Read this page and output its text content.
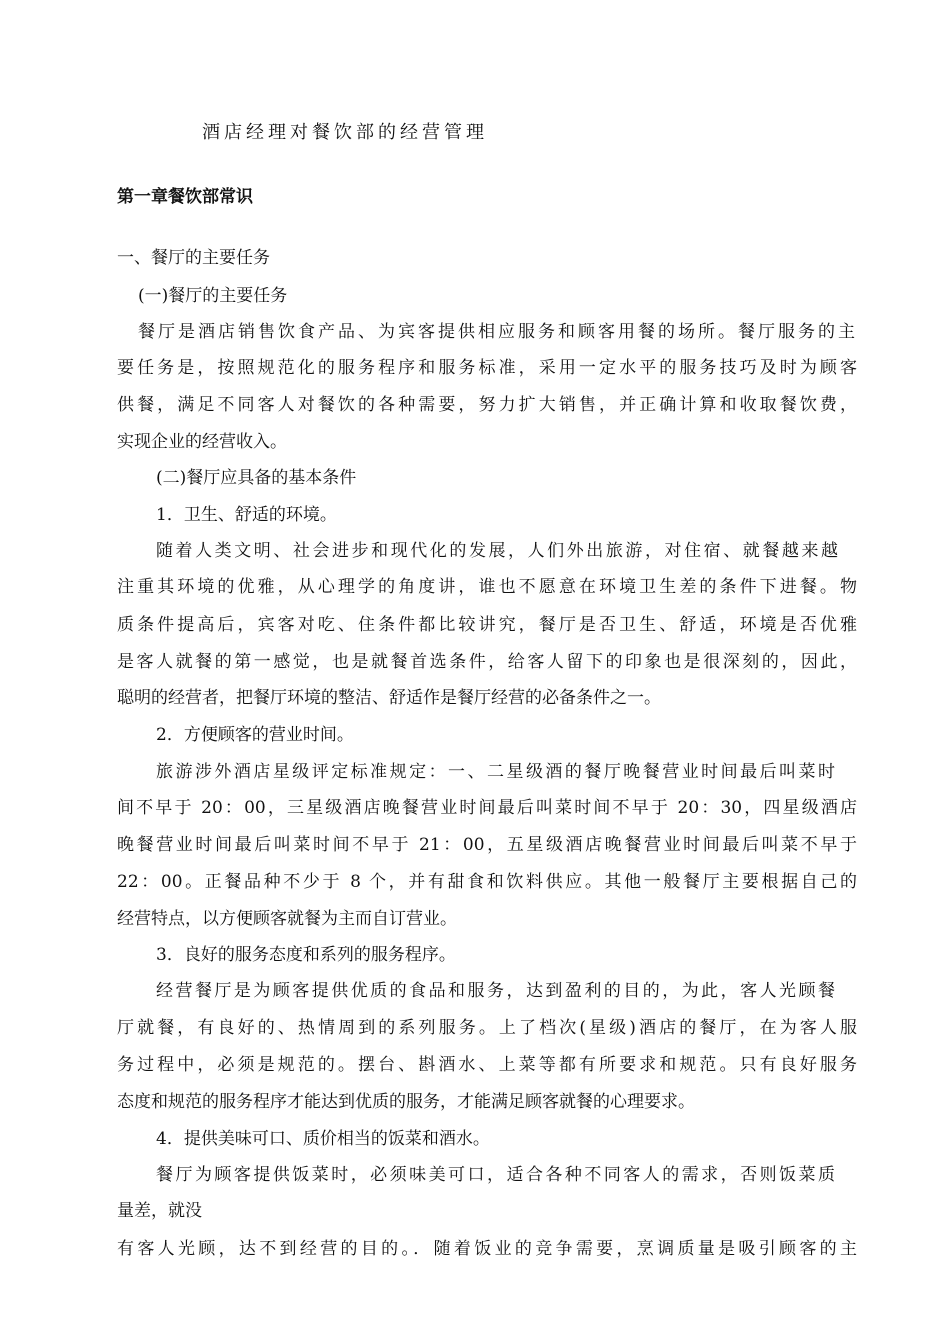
酒店经理对餐饮部的经营管理

第一章餐饮部常识

一、餐厅的主要任务

(一)餐厅的主要任务

餐厅是酒店销售饮食产品、为宾客提供相应服务和顾客用餐的场所。餐厅服务的主

要任务是，按照规范化的服务程序和服务标准，采用一定水平的服务技巧及时为顾客

供餐，满足不同客人对餐饮的各种需要，努力扩大销售，并正确计算和收取餐饮费，

实现企业的经营收入。

(二)餐厅应具备的基本条件

1．卫生、舒适的环境。

随着人类文明、社会进步和现代化的发展，人们外出旅游，对住宿、就餐越来越

注重其环境的优雅，从心理学的角度讲，谁也不愿意在环境卫生差的条件下进餐。物

质条件提高后，宾客对吃、住条件都比较讲究，餐厅是否卫生、舒适，环境是否优雅

是客人就餐的第一感觉，也是就餐首选条件，给客人留下的印象也是很深刻的，因此，

聪明的经营者，把餐厅环境的整洁、舒适作是餐厅经营的必备条件之一。

2．方便顾客的营业时间。

旅游涉外酒店星级评定标准规定：一、二星级酒的餐厅晚餐营业时间最后叫菜时

间不早于 20：00，三星级酒店晚餐营业时间最后叫菜时间不早于 20：30，四星级酒店

晚餐营业时间最后叫菜时间不早于 21：00，五星级酒店晚餐营业时间最后叫菜不早于

22：00。正餐品种不少于 8 个，并有甜食和饮料供应。其他一般餐厅主要根据自己的

经营特点，以方便顾客就餐为主而自订营业。

3．良好的服务态度和系列的服务程序。

经营餐厅是为顾客提供优质的食品和服务，达到盈利的目的，为此，客人光顾餐

厅就餐，有良好的、热情周到的系列服务。上了档次(星级)酒店的餐厅，在为客人服

务过程中，必须是规范的。摆台、斟酒水、上菜等都有所要求和规范。只有良好服务

态度和规范的服务程序才能达到优质的服务，才能满足顾客就餐的心理要求。

4．提供美味可口、质价相当的饭菜和酒水。

餐厅为顾客提供饭菜时，必须味美可口，适合各种不同客人的需求，否则饭菜质

量差，就没

有客人光顾，达不到经营的目的。．随着饭业的竞争需要，烹调质量是吸引顾客的主
